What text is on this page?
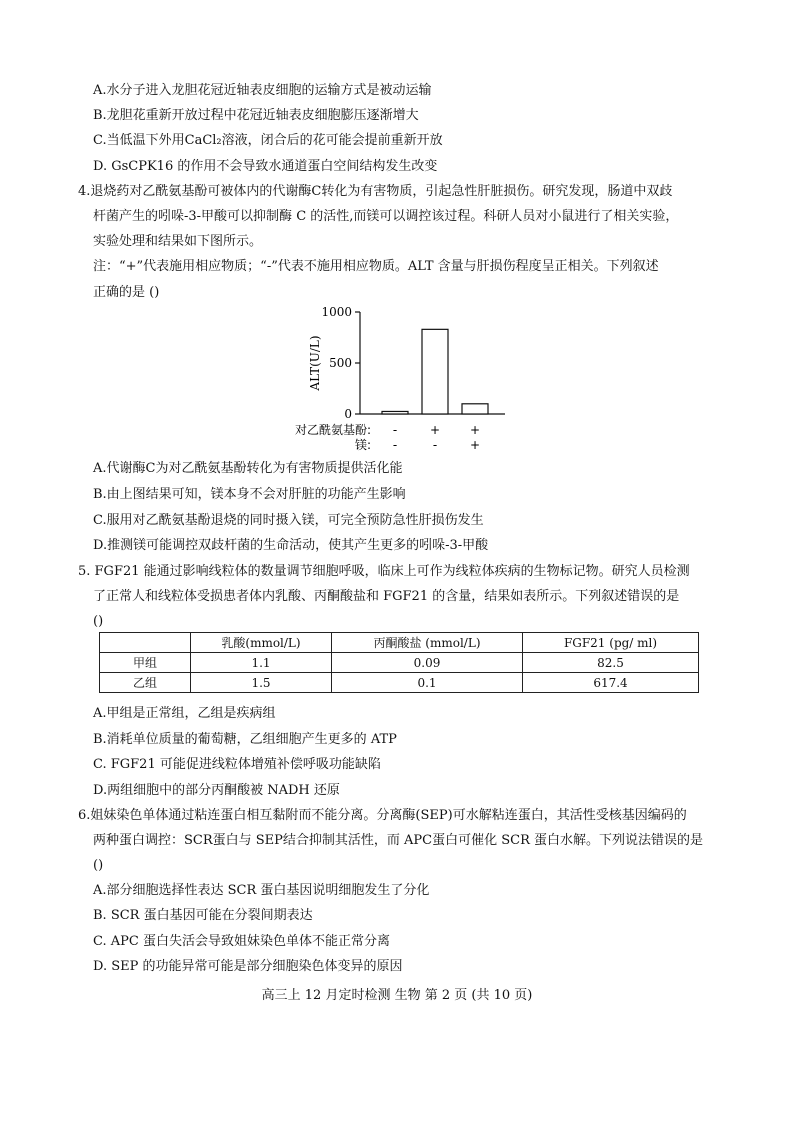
A.水分子进入龙胆花冠近轴表皮细胞的运输方式是被动运输
B.龙胆花重新开放过程中花冠近轴表皮细胞膨压逐渐增大
C.当低温下外用CaCl₂溶液，闭合后的花可能会提前重新开放
D. GsCPK16 的作用不会导致水通道蛋白空间结构发生改变
4.退烧药对乙酰氨基酚可被体内的代谢酶C转化为有害物质，引起急性肝脏损伤。研究发现，肠道中双歧
杆菌产生的吲哚-3-甲酸可以抑制酶 C 的活性,而镁可以调控该过程。科研人员对小鼠进行了相关实验，
实验处理和结果如下图所示。
注：“+”代表施用相应物质；“-”代表不施用相应物质。ALT 含量与肝损伤程度呈正相关。下列叙述
正确的是 ()
0
500
1000
ALT(U/L)
对乙酰氨基酚: -	+ +
镁: -	-	+
A.代谢酶C为对乙酰氨基酚转化为有害物质提供活化能
B.由上图结果可知，镁本身不会对肝脏的功能产生影响
C.服用对乙酰氨基酚退烧的同时摄入镁，可完全预防急性肝损伤发生
D.推测镁可能调控双歧杆菌的生命活动，使其产生更多的吲哚-3-甲酸
5. FGF21 能通过影响线粒体的数量调节细胞呼吸，临床上可作为线粒体疾病的生物标记物。研究人员检测
了正常人和线粒体受损患者体内乳酸、丙酮酸盐和 FGF21 的含量，结果如表所示。下列叙述错误的是
()
	乳酸(mmol/L)	丙酮酸盐 (mmol/L)	FGF21 (pg/ ml)
甲组	1.1	0.09	82.5
乙组	1.5	0.1	617.4
A.甲组是正常组，乙组是疾病组
B.消耗单位质量的葡萄糖，乙组细胞产生更多的 ATP
C. FGF21 可能促进线粒体增殖补偿呼吸功能缺陷
D.两组细胞中的部分丙酮酸被 NADH 还原
6.姐妹染色单体通过粘连蛋白相互黏附而不能分离。分离酶(SEP)可水解粘连蛋白，其活性受核基因编码的
两种蛋白调控：SCR蛋白与 SEP结合抑制其活性，而 APC蛋白可催化 SCR 蛋白水解。下列说法错误的是
()
A.部分细胞选择性表达 SCR 蛋白基因说明细胞发生了分化
B. SCR 蛋白基因可能在分裂间期表达
C. APC 蛋白失活会导致姐妹染色单体不能正常分离
D. SEP 的功能异常可能是部分细胞染色体变异的原因
高三上 12 月定时检测 生物 第 2 页 (共 10 页)
